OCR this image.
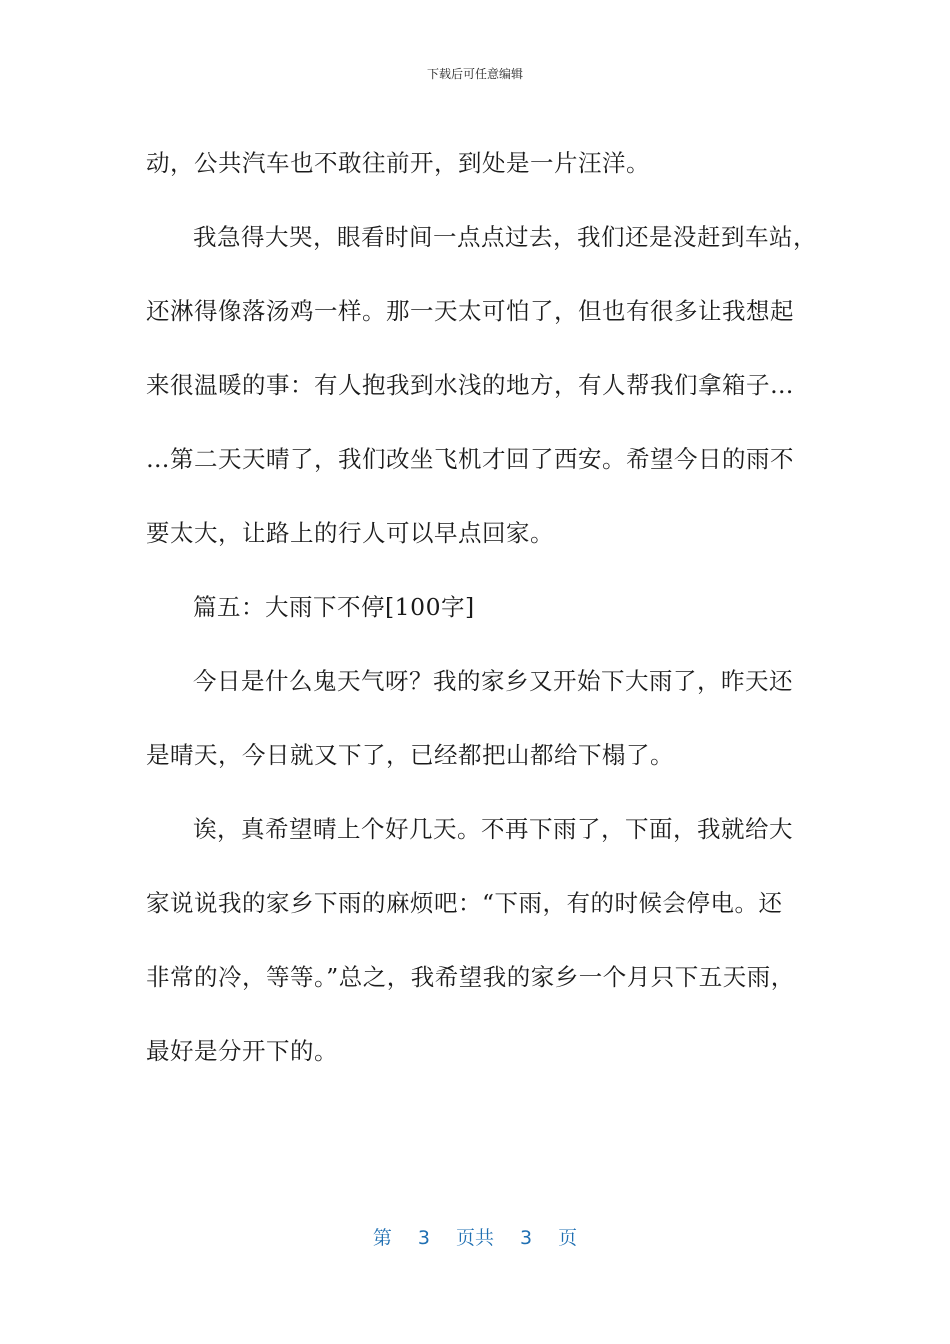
下载后可任意编辑
动，公共汽车也不敢往前开，到处是一片汪洋。
我急得大哭，眼看时间一点点过去，我们还是没赶到车站，
还淋得像落汤鸡一样。那一天太可怕了，但也有很多让我想起
来很温暖的事：有人抱我到水浅的地方，有人帮我们拿箱子…
…第二天天晴了，我们改坐飞机才回了西安。希望今日的雨不
要太大，让路上的行人可以早点回家。
篇五：大雨下不停[100字]
今日是什么鬼天气呀？我的家乡又开始下大雨了，昨天还
是晴天，今日就又下了，已经都把山都给下榻了。
诶，真希望晴上个好几天。不再下雨了，下面，我就给大
家说说我的家乡下雨的麻烦吧：“下雨，有的时候会停电。还
非常的冷，等等。”总之，我希望我的家乡一个月只下五天雨，
最好是分开下的。
第 3 页共 3 页
